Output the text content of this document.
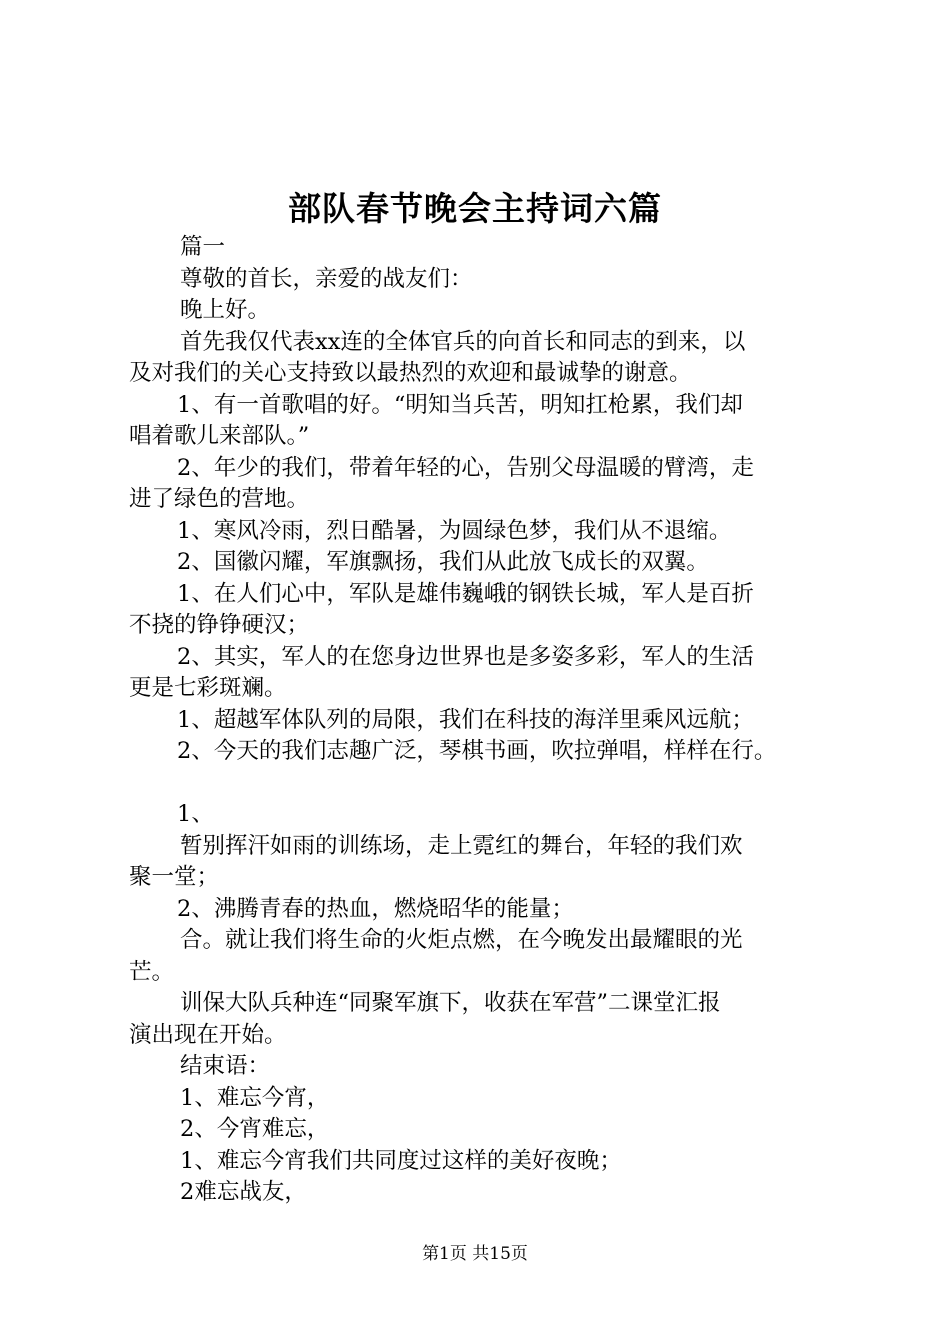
部队春节晚会主持词六篇
篇一
尊敬的首长，亲爱的战友们：
晚上好。
首先我仅代表xx连的全体官兵的向首长和同志的到来，以
及对我们的关心支持致以最热烈的欢迎和最诚挚的谢意。
1、有一首歌唱的好。“明知当兵苦，明知扛枪累，我们却
唱着歌儿来部队。”
2、年少的我们，带着年轻的心，告别父母温暖的臂湾，走
进了绿色的营地。
1、寒风冷雨，烈日酷暑，为圆绿色梦，我们从不退缩。
2、国徽闪耀，军旗飘扬，我们从此放飞成长的双翼。
1、在人们心中，军队是雄伟巍峨的钢铁长城，军人是百折
不挠的铮铮硬汉；
2、其实，军人的在您身边世界也是多姿多彩，军人的生活
更是七彩斑斓。
1、超越军体队列的局限，我们在科技的海洋里乘风远航；
2、今天的我们志趣广泛，琴棋书画，吹拉弹唱，样样在行。
1、
暂别挥汗如雨的训练场，走上霓红的舞台，年轻的我们欢
聚一堂；
2、沸腾青春的热血，燃烧昭华的能量；
合。就让我们将生命的火炬点燃，在今晚发出最耀眼的光
芒。
训保大队兵种连“同聚军旗下，收获在军营”二课堂汇报
演出现在开始。
结束语：
1、难忘今宵，
2、今宵难忘，
1、难忘今宵我们共同度过这样的美好夜晚；
2难忘战友，
第1页 共15页
